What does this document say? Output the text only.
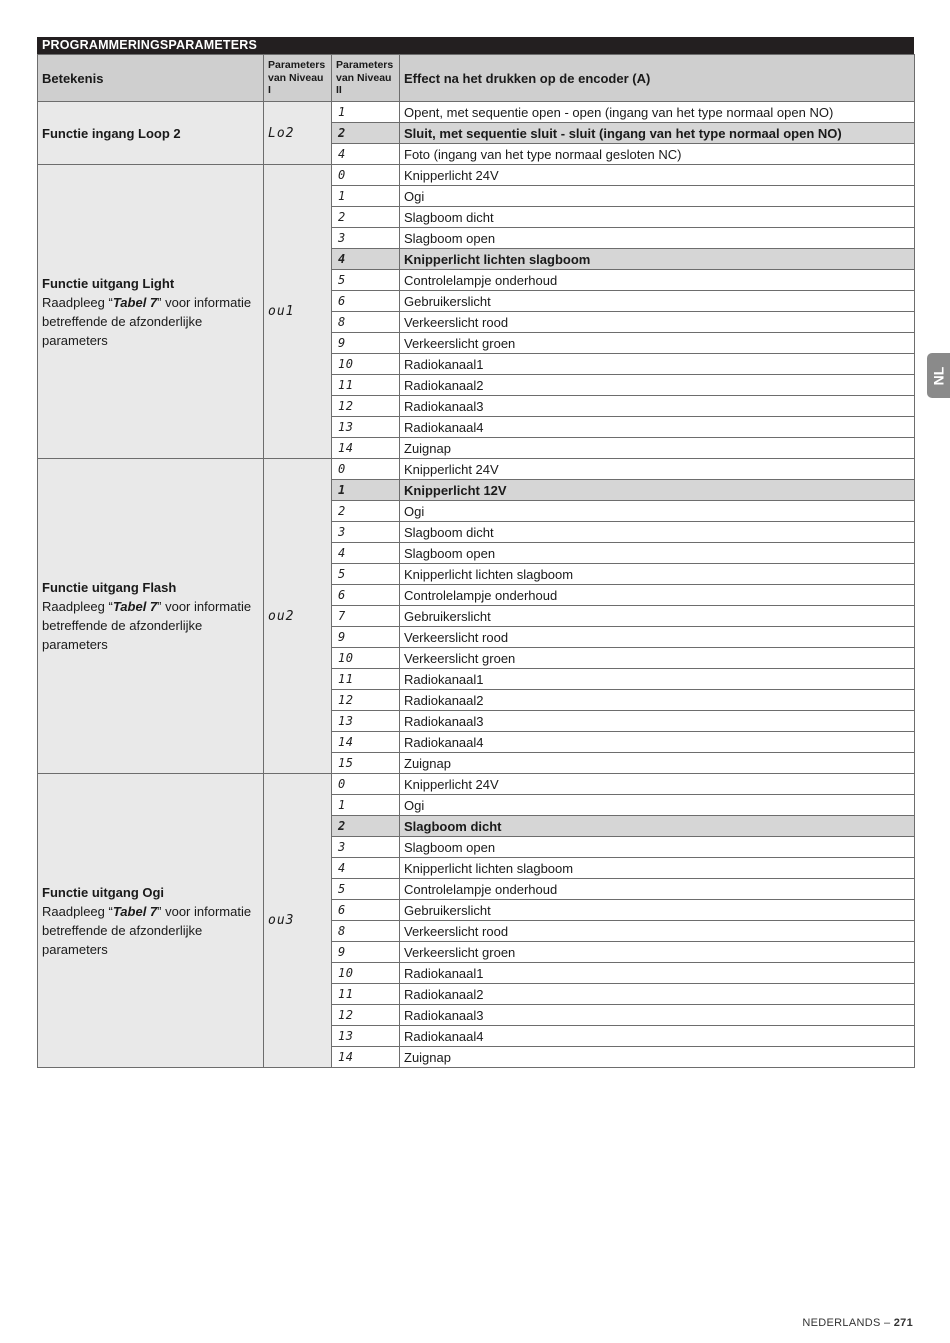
PROGRAMMERINGSPARAMETERS
Betekenis	Parameters van Niveau I	Parameters van Niveau II	Effect na het drukken op de encoder (A)

Functie ingang Loop 2	Lo2	1	Opent, met sequentie open - open (ingang van het type normaal open NO)
		2	Sluit, met sequentie sluit - sluit (ingang van het type normaal open NO)
		4	Foto (ingang van het type normaal gesloten NC)

Functie uitgang Light
Raadpleeg “Tabel 7” voor informatie betreffende de afzonderlijke parameters	ou1	0	Knipperlicht 24V
		1	Ogi
		2	Slagboom dicht
		3	Slagboom open
		4	Knipperlicht lichten slagboom
		5	Controlelampje onderhoud
		6	Gebruikerslicht
		8	Verkeerslicht rood
		9	Verkeerslicht groen
		10	Radiokanaal1
		11	Radiokanaal2
		12	Radiokanaal3
		13	Radiokanaal4
		14	Zuignap

Functie uitgang Flash
Raadpleeg “Tabel 7” voor informatie betreffende de afzonderlijke parameters	ou2	0	Knipperlicht 24V
		1	Knipperlicht 12V
		2	Ogi
		3	Slagboom dicht
		4	Slagboom open
		5	Knipperlicht lichten slagboom
		6	Controlelampje onderhoud
		7	Gebruikerslicht
		9	Verkeerslicht rood
		10	Verkeerslicht groen
		11	Radiokanaal1
		12	Radiokanaal2
		13	Radiokanaal3
		14	Radiokanaal4
		15	Zuignap

Functie uitgang Ogi
Raadpleeg “Tabel 7” voor informatie betreffende de afzonderlijke parameters	ou3	0	Knipperlicht 24V
		1	Ogi
		2	Slagboom dicht
		3	Slagboom open
		4	Knipperlicht lichten slagboom
		5	Controlelampje onderhoud
		6	Gebruikerslicht
		8	Verkeerslicht rood
		9	Verkeerslicht groen
		10	Radiokanaal1
		11	Radiokanaal2
		12	Radiokanaal3
		13	Radiokanaal4
		14	Zuignap
NL
NEDERLANDS – 271
